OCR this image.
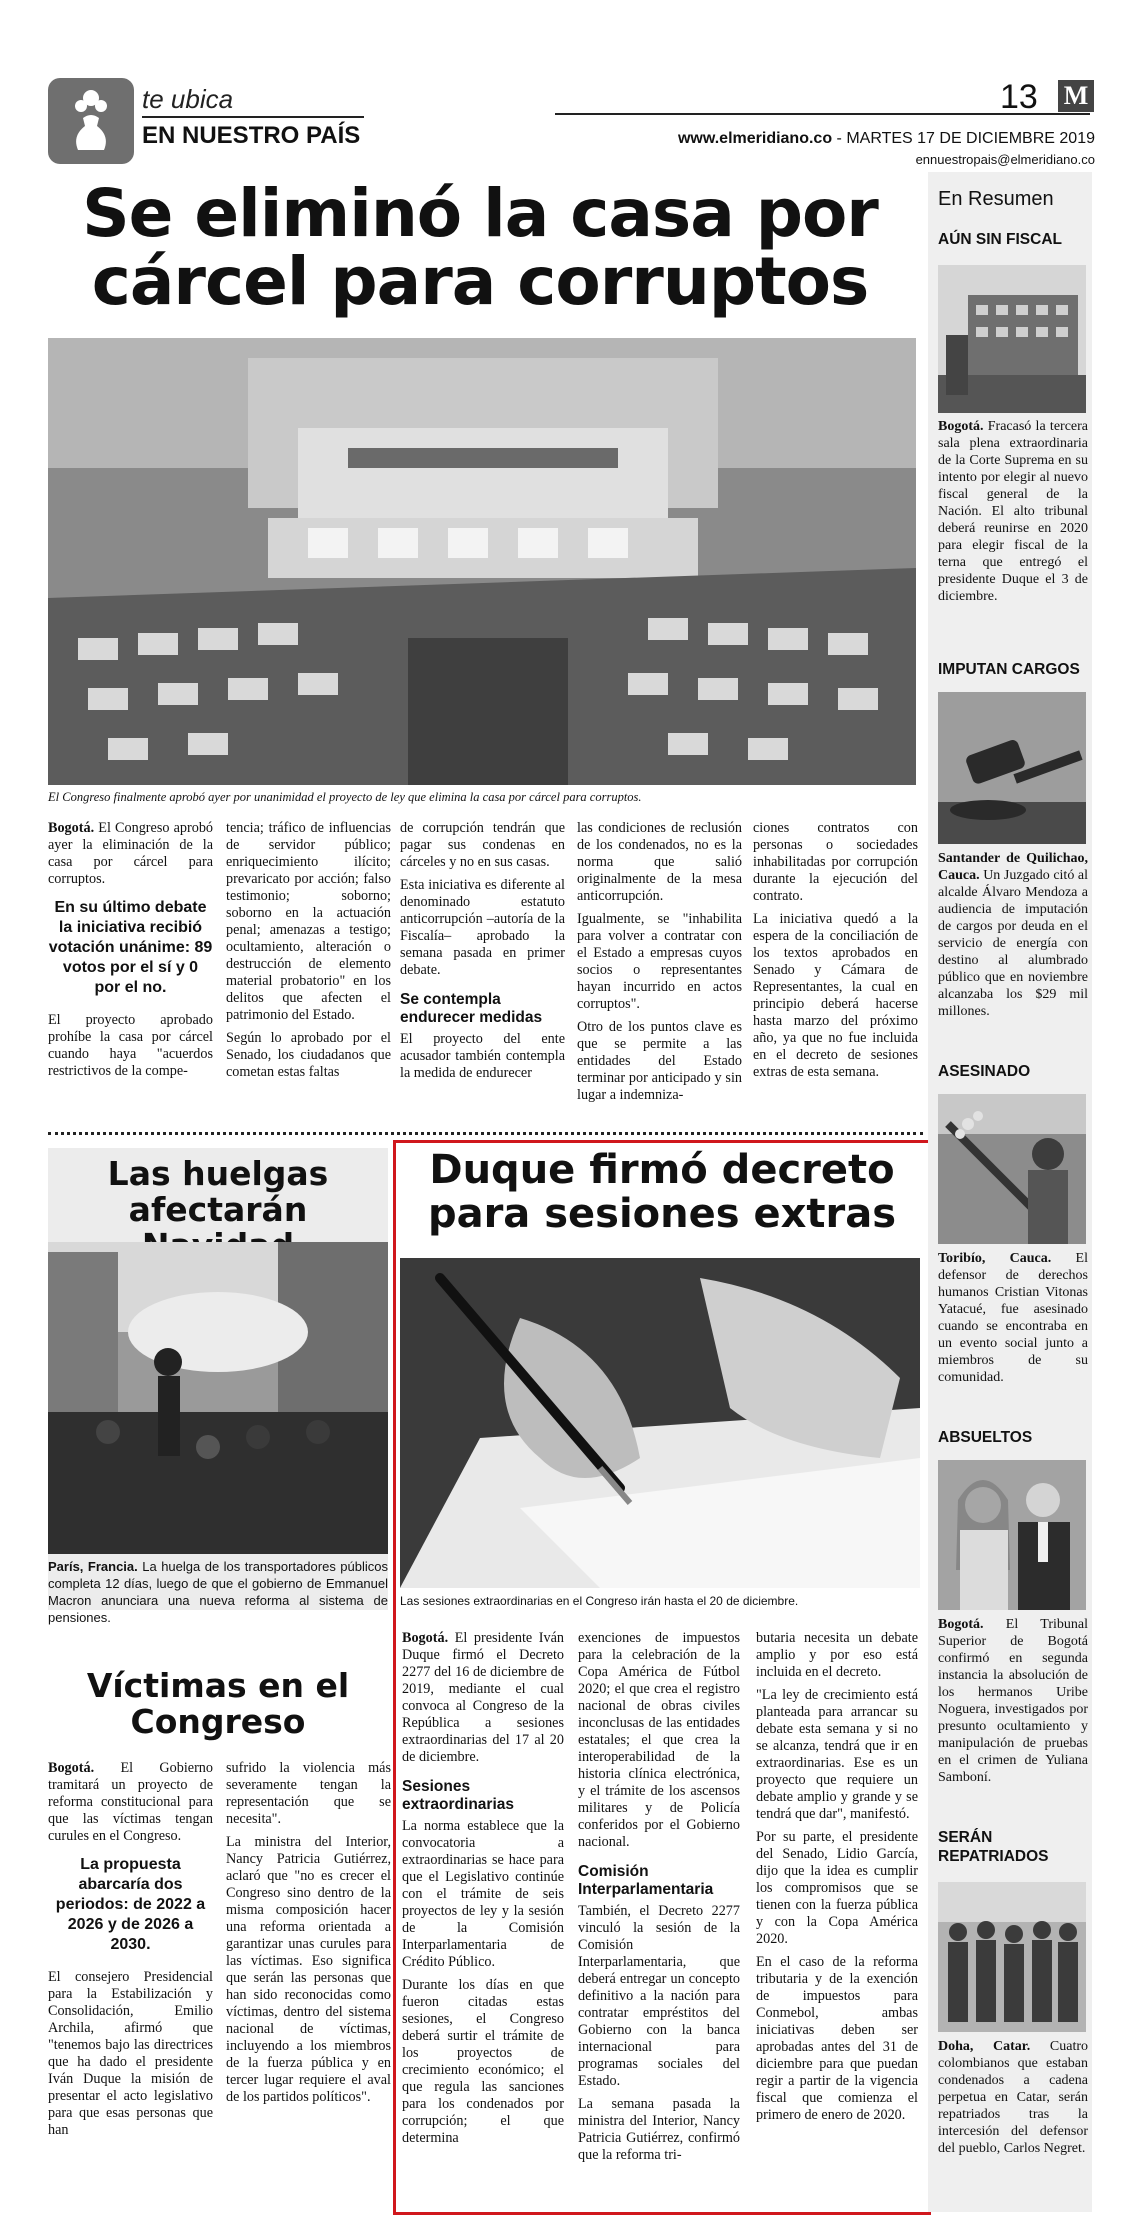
te ubica
EN NUESTRO PAÍS
13 M
www.elmeridiano.co - MARTES 17 DE DICIEMBRE 2019
ennuestropais@elmeridiano.co
Se eliminó la casa por cárcel para corruptos
El Congreso finalmente aprobó ayer por unanimidad el proyecto de ley que elimina la casa por cárcel para corruptos.

Bogotá. El Congreso aprobó ayer la eliminación de la casa por cárcel para corruptos.

En su último debate la iniciativa recibió votación unánime: 89 votos por el sí y 0 por el no.

El proyecto aprobado prohíbe la casa por cárcel cuando haya "acuerdos restrictivos de la compe-

tencia; tráfico de influencias de servidor público; enriquecimiento ilícito; prevaricato por acción; falso testimonio; soborno; soborno en la actuación penal; amenazas a testigo; ocultamiento, alteración o destrucción de elemento material probatorio" en los delitos que afecten el patrimonio del Estado.

Según lo aprobado por el Senado, los ciudadanos que cometan estas faltas

de corrupción tendrán que pagar sus condenas en cárceles y no en sus casas.

Esta iniciativa es diferente al denominado estatuto anticorrupción –autoría de la Fiscalía– aprobado la semana pasada en primer debate.

Se contempla endurecer medidas

El proyecto del ente acusador también contempla la medida de endurecer

las condiciones de reclusión de los condenados, no es la norma que salió originalmente de la mesa anticorrupción.

Igualmente, se "inhabilita para volver a contratar con el Estado a empresas cuyos socios o representantes hayan incurrido en actos corruptos".

Otro de los puntos clave es que se permite a las entidades del Estado terminar por anticipado y sin lugar a indemniza-

ciones contratos con personas o sociedades inhabilitadas por corrupción durante la ejecución del contrato.

La iniciativa quedó a la espera de la conciliación de los textos aprobados en Senado y Cámara de Representantes, la cual en principio deberá hacerse hasta marzo del próximo año, ya que no fue incluida en el decreto de sesiones extras de esta semana.

Las huelgas afectarán
París, Francia. La huelga de los transportadores públicos completa 12 días, luego de que el gobierno de Emmanuel Macron anunciara una nueva reforma al sistema de pensiones.
Víctimas en el Congreso

Bogotá. El Gobierno tramitará un proyecto de reforma constitucional para que las víctimas tengan curules en el Congreso.

La propuesta abarcaría dos periodos: de 2022 a 2026 y de 2026 a 2030.

El consejero Presidencial para la Estabilización y Consolidación, Emilio Archila, afirmó que "tenemos bajo las directrices que ha dado el presidente Iván Duque la misión de presentar el acto legislativo para que esas personas que han

sufrido la violencia más severamente tengan la representación que se necesita".

La ministra del Interior, Nancy Patricia Gutiérrez, aclaró que "no es crecer el Congreso sino dentro de la misma composición hacer una reforma orientada a garantizar unas curules para las víctimas. Eso significa que serán las personas que han sido reconocidas como víctimas, dentro del sistema nacional de víctimas, incluyendo a los miembros de la fuerza pública y en tercer lugar requiere el aval de los partidos políticos".

Duque firmó decreto para sesiones extras
Las sesiones extraordinarias en el Congreso irán hasta el 20 de diciembre.

Bogotá. El presidente Iván Duque firmó el Decreto 2277 del 16 de diciembre de 2019, mediante el cual convoca al Congreso de la República a sesiones extraordinarias del 17 al 20 de diciembre.

Sesiones extraordinarias

La norma establece que la convocatoria a extraordinarias se hace para que el Legislativo continúe con el trámite de seis proyectos de ley y la sesión de la Comisión Interparlamentaria de Crédito Público.

Durante los días en que fueron citadas estas sesiones, el Congreso deberá surtir el trámite de los proyectos de crecimiento económico; el que regula las sanciones para los condenados por corrupción; el que determina

exenciones de impuestos para la celebración de la Copa América de Fútbol 2020; el que crea el registro nacional de obras civiles inconclusas de las entidades estatales; el que crea la interoperabilidad de la historia clínica electrónica, y el trámite de los ascensos militares y de Policía conferidos por el Gobierno nacional.

Comisión Interparlamentaria

También, el Decreto 2277 vinculó la sesión de la Comisión Interparlamentaria, que deberá entregar un concepto definitivo a la nación para contratar empréstitos del Gobierno con la banca internacional para programas sociales del Estado.

La semana pasada la ministra del Interior, Nancy Patricia Gutiérrez, confirmó que la reforma tri-

butaria necesita un debate amplio y por eso está incluida en el decreto.

"La ley de crecimiento está planteada para arrancar su debate esta semana y si no se alcanza, tendrá que ir en extraordinarias. Ese es un proyecto que requiere un debate amplio y grande y se tendrá que dar", manifestó.

Por su parte, el presidente del Senado, Lidio García, dijo que la idea es cumplir los compromisos que se tienen con la fuerza pública y con la Copa América 2020.

En el caso de la reforma tributaria y de la exención de impuestos para Conmebol, ambas iniciativas deben ser aprobadas antes del 31 de diciembre para que puedan regir a partir de la vigencia fiscal que comienza el primero de enero de 2020.

En Resumen
AÚN SIN FISCAL
Bogotá. Fracasó la tercera sala plena extraordinaria de la Corte Suprema en su intento por elegir al nuevo fiscal general de la Nación. El alto tribunal deberá reunirse en 2020 para elegir fiscal de la terna que entregó el presidente Duque el 3 de diciembre.
IMPUTAN CARGOS
Santander de Quilichao, Cauca. Un Juzgado citó al alcalde Álvaro Mendoza a audiencia de imputación de cargos por deuda en el servicio de energía con destino al alumbrado público que en noviembre alcanzaba los $29 mil millones.
ASESINADO
Toribío, Cauca. El defensor de derechos humanos Cristian Vitonas Yatacué, fue asesinado cuando se encontraba en un evento social junto a miembros de su comunidad.
ABSUELTOS
Bogotá. El Tribunal Superior de Bogotá confirmó en segunda instancia la absolución de los hermanos Uribe Noguera, investigados por presunto ocultamiento y manipulación de pruebas en el crimen de Yuliana Samboní.
SERÁN REPATRIADOS
Doha, Catar. Cuatro colombianos que estaban condenados a cadena perpetua en Catar, serán repatriados tras la intercesión del defensor del pueblo, Carlos Negret.
